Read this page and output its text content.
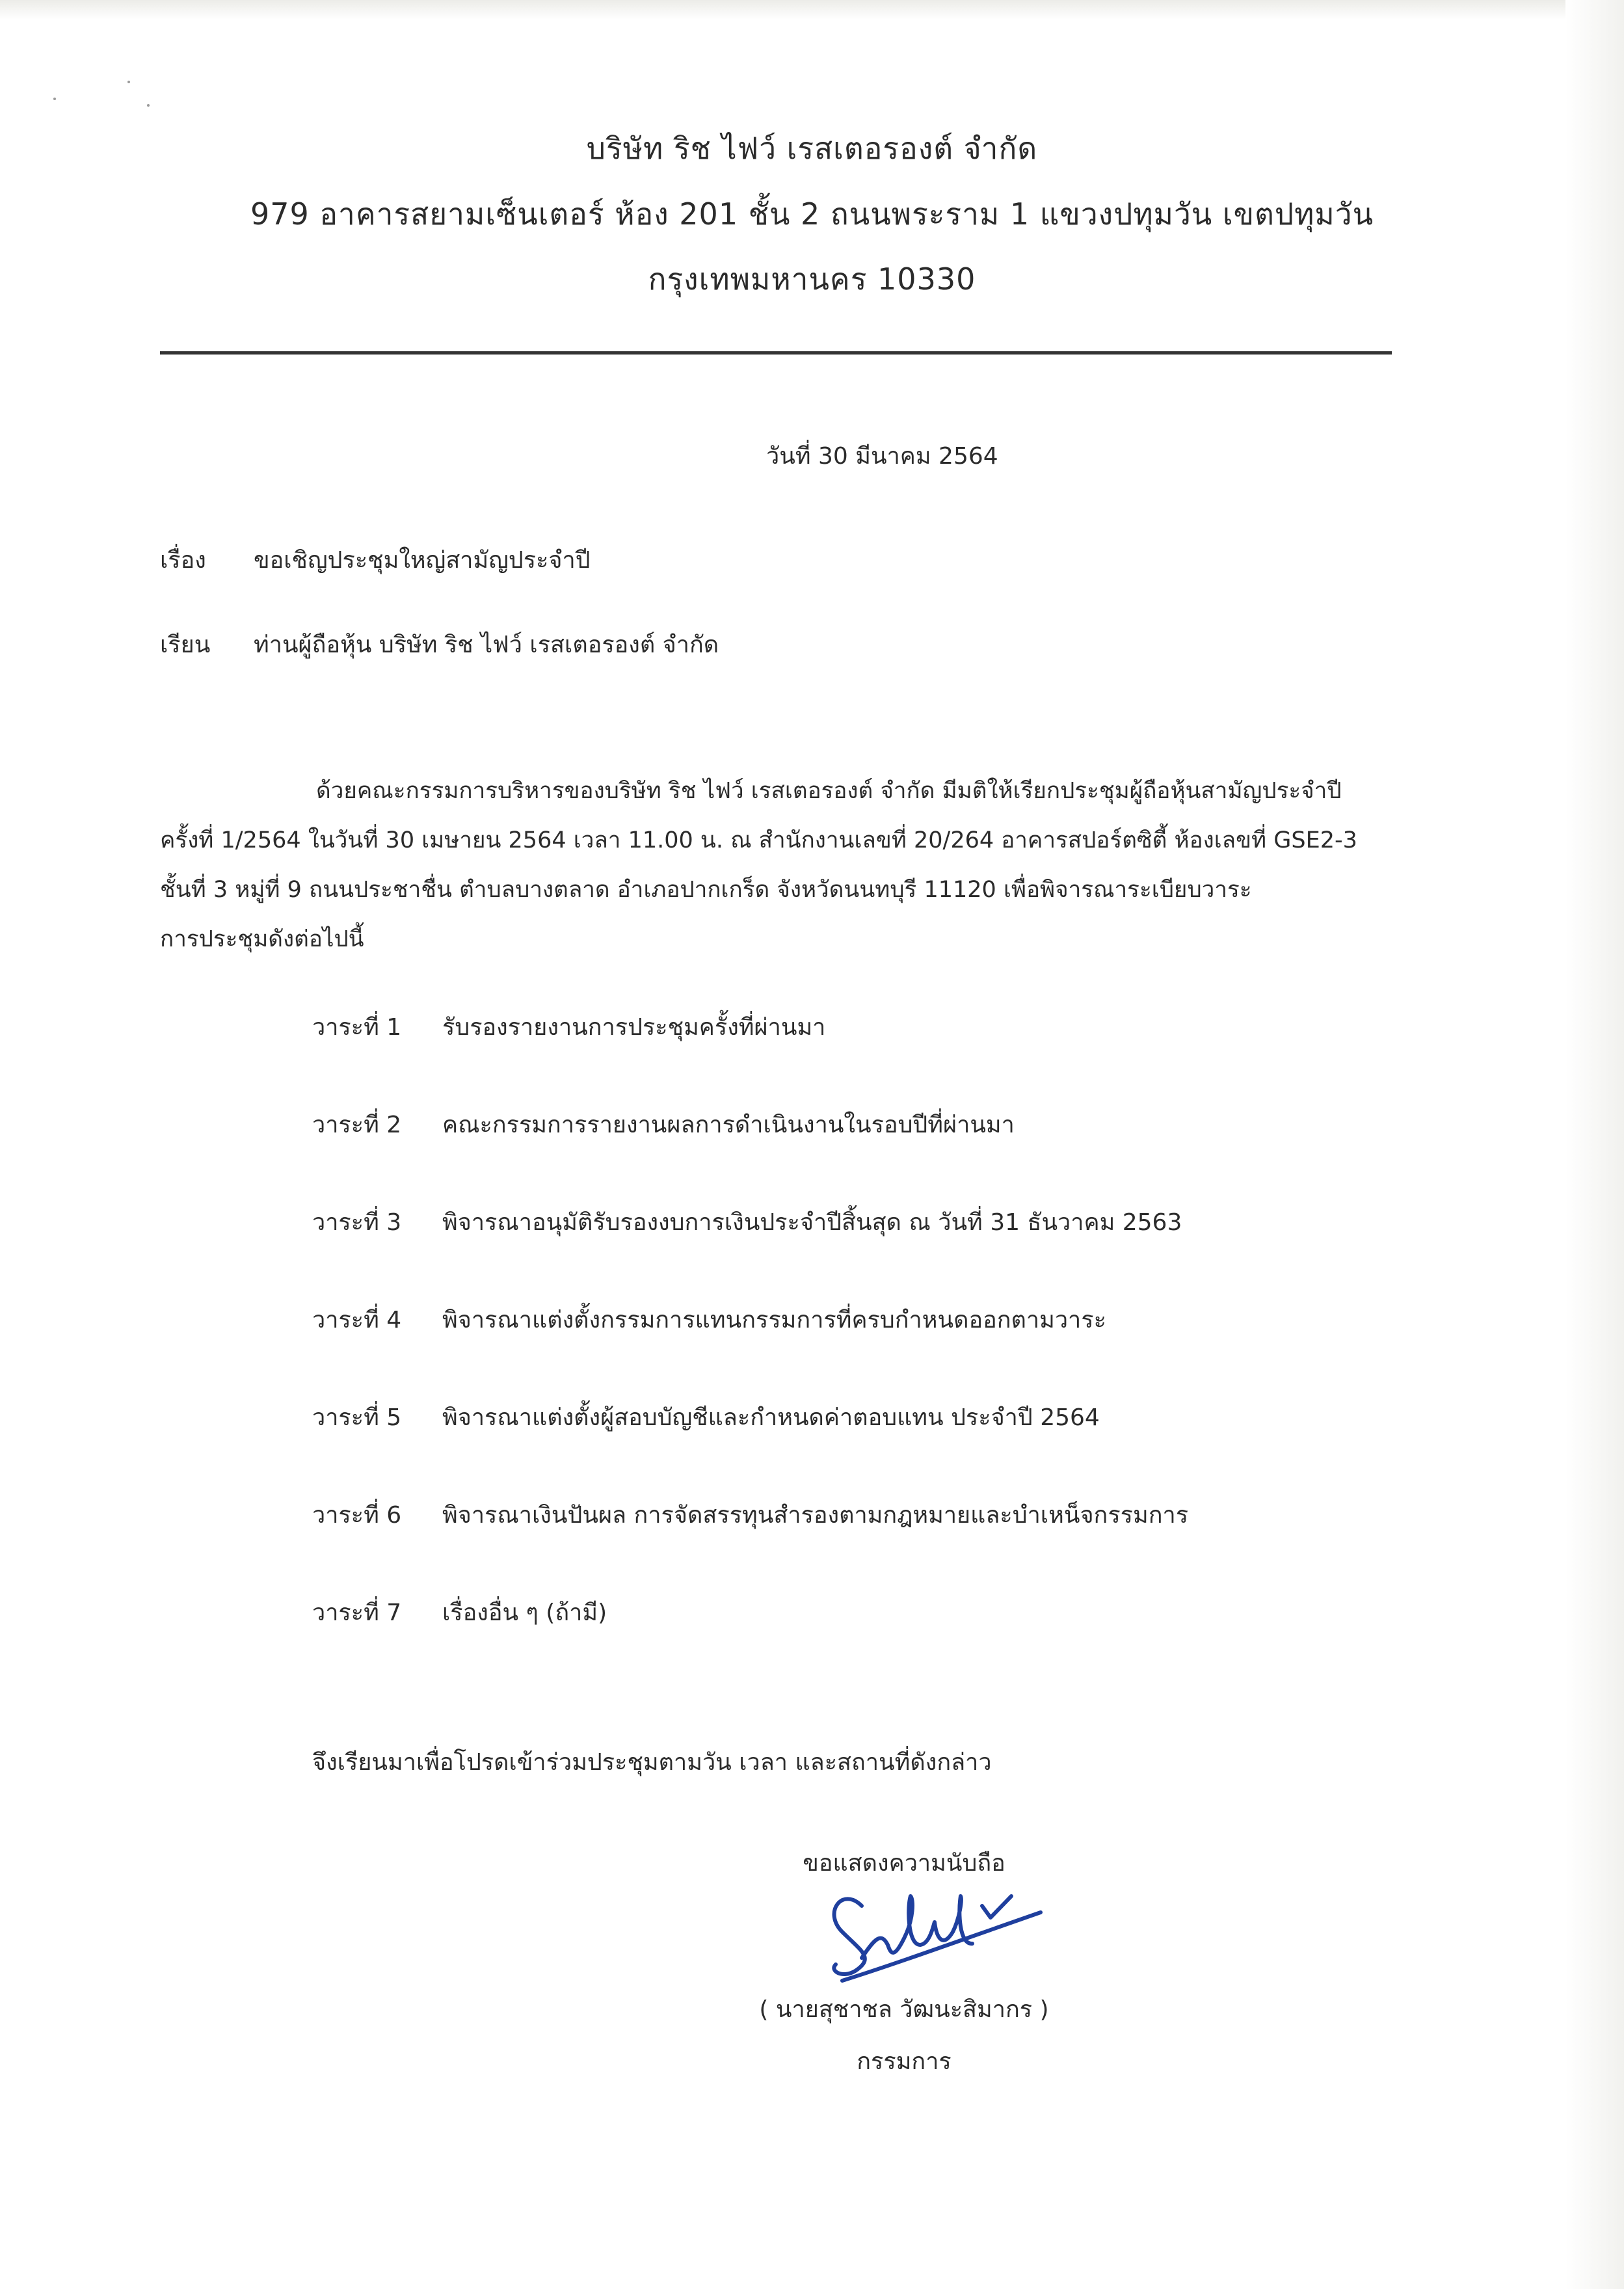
บริษัท ริช ไฟว์ เรสเตอรองต์ จำกัด
979 อาคารสยามเซ็นเตอร์ ห้อง 201 ชั้น 2 ถนนพระราม 1 แขวงปทุมวัน เขตปทุมวัน
กรุงเทพมหานคร 10330
วันที่ 30 มีนาคม 2564
เรื่อง ขอเชิญประชุมใหญ่สามัญประจำปี
เรียน ท่านผู้ถือหุ้น บริษัท ริช ไฟว์ เรสเตอรองต์ จำกัด

ด้วยคณะกรรมการบริหารของบริษัท ริช ไฟว์ เรสเตอรองต์ จำกัด มีมติให้เรียกประชุมผู้ถือหุ้นสามัญประจำปี

ครั้งที่ 1/2564 ในวันที่ 30 เมษายน 2564 เวลา 11.00 น. ณ สำนักงานเลขที่ 20/264 อาคารสปอร์ตซิตี้ ห้องเลขที่ GSE2-3

ชั้นที่ 3 หมู่ที่ 9 ถนนประชาชื่น ตำบลบางตลาด อำเภอปากเกร็ด จังหวัดนนทบุรี 11120 เพื่อพิจารณาระเบียบวาระ

การประชุมดังต่อไปนี้

วาระที่ 1 รับรองรายงานการประชุมครั้งที่ผ่านมา
วาระที่ 2 คณะกรรมการรายงานผลการดำเนินงานในรอบปีที่ผ่านมา
วาระที่ 3 พิจารณาอนุมัติรับรองงบการเงินประจำปีสิ้นสุด ณ วันที่ 31 ธันวาคม 2563
วาระที่ 4 พิจารณาแต่งตั้งกรรมการแทนกรรมการที่ครบกำหนดออกตามวาระ
วาระที่ 5 พิจารณาแต่งตั้งผู้สอบบัญชีและกำหนดค่าตอบแทน ประจำปี 2564
วาระที่ 6 พิจารณาเงินปันผล การจัดสรรทุนสำรองตามกฎหมายและบำเหน็จกรรมการ
วาระที่ 7 เรื่องอื่น ๆ (ถ้ามี)
จึงเรียนมาเพื่อโปรดเข้าร่วมประชุมตามวัน เวลา และสถานที่ดังกล่าว
ขอแสดงความนับถือ
( นายสุชาชล วัฒนะสิมากร )
กรรมการ
